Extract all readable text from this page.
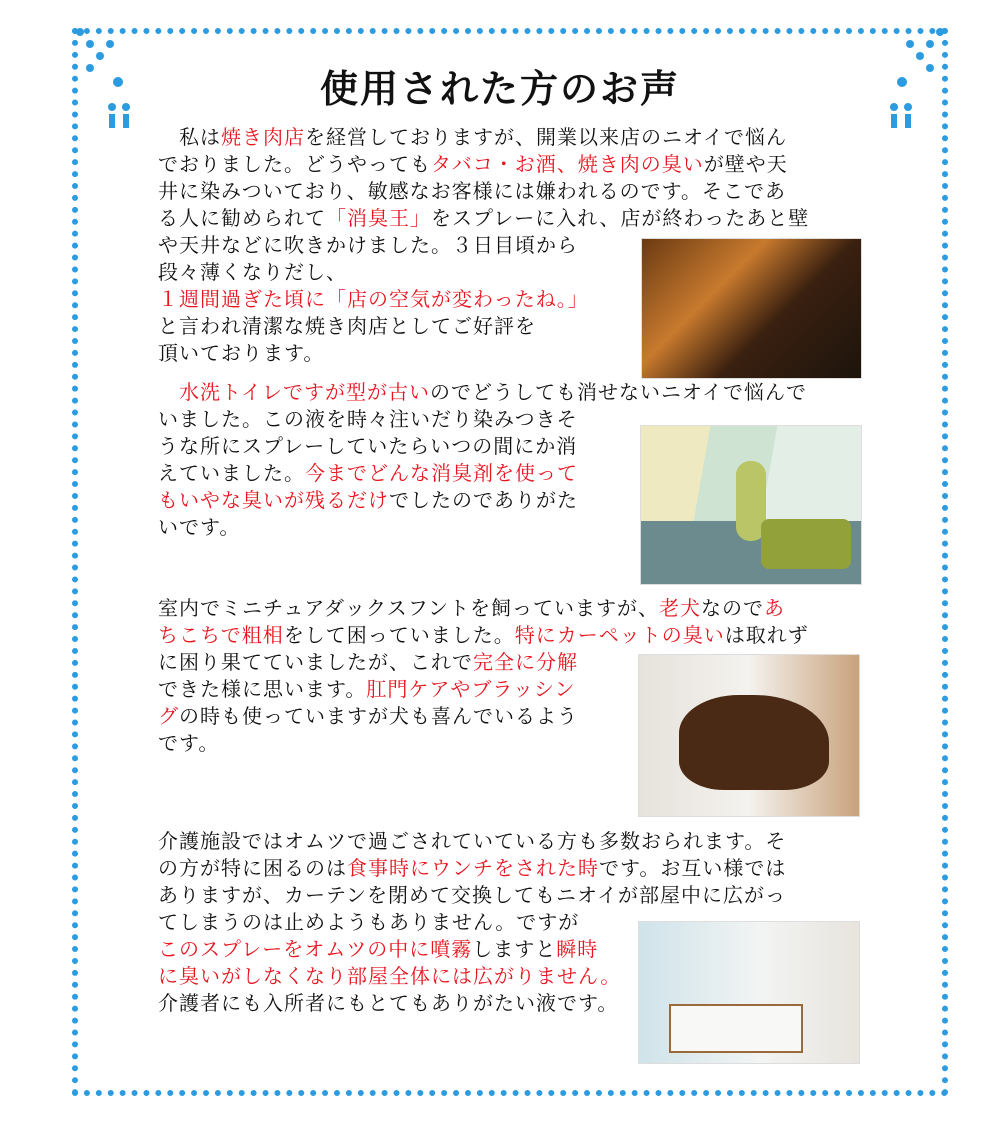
使用された方のお声
　私は焼き肉店を経営しておりますが、開業以来店のニオイで悩ん
でおりました。どうやってもタバコ・お酒、焼き肉の臭いが壁や天
井に染みついており、敏感なお客様には嫌われるのです。そこであ
る人に勧められて「消臭王」をスプレーに入れ、店が終わったあと壁
や天井などに吹きかけました。３日目頃から
段々薄くなりだし、
１週間過ぎた頃に「店の空気が変わったね。」
と言われ清潔な焼き肉店としてご好評を
頂いております。
　水洗トイレですが型が古いのでどうしても消せないニオイで悩んで
いました。この液を時々注いだり染みつきそ
うな所にスプレーしていたらいつの間にか消
えていました。今までどんな消臭剤を使って
もいやな臭いが残るだけでしたのでありがた
いです。
室内でミニチュアダックスフントを飼っていますが、老犬なのであ
ちこちで粗相をして困っていました。特にカーペットの臭いは取れず
に困り果てていましたが、これで完全に分解
できた様に思います。肛門ケアやブラッシン
グの時も使っていますが犬も喜んでいるよう
です。
介護施設ではオムツで過ごされていている方も多数おられます。そ
の方が特に困るのは食事時にウンチをされた時です。お互い様では
ありますが、カーテンを閉めて交換してもニオイが部屋中に広がっ
てしまうのは止めようもありません。ですが
このスプレーをオムツの中に噴霧しますと瞬時
に臭いがしなくなり部屋全体には広がりません。
介護者にも入所者にもとてもありがたい液です。
